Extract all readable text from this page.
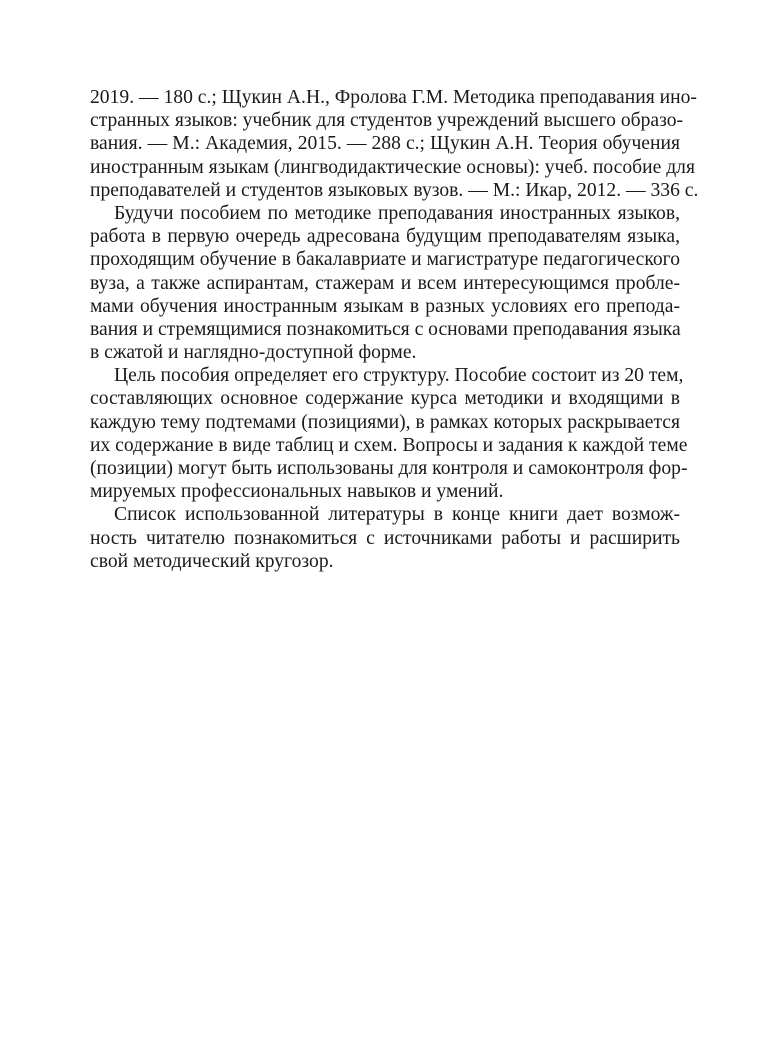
2019. — 180 с.; Щукин А.Н., Фролова Г.М. Методика преподавания ино-
странных языков: учебник для студентов учреждений высшего образо-
вания. — М.: Академия, 2015. — 288 с.; Щукин А.Н. Теория обучения
иностранным языкам (лингводидактические основы): учеб. пособие для
преподавателей и студентов языковых вузов. — М.: Икар, 2012. — 336 с.
Будучи пособием по методике преподавания иностранных языков,
работа в первую очередь адресована будущим преподавателям языка,
проходящим обучение в бакалавриате и магистратуре педагогического
вуза, а также аспирантам, стажерам и всем интересующимся пробле-
мами обучения иностранным языкам в разных условиях его препода-
вания и стремящимися познакомиться с основами преподавания языка
в сжатой и наглядно-доступной форме.
Цель пособия определяет его структуру. Пособие состоит из 20 тем,
составляющих основное содержание курса методики и входящими в
каждую тему подтемами (позициями), в рамках которых раскрывается
их содержание в виде таблиц и схем. Вопросы и задания к каждой теме
(позиции) могут быть использованы для контроля и самоконтроля фор-
мируемых профессиональных навыков и умений.
Список использованной литературы в конце книги дает возмож-
ность читателю познакомиться с источниками работы и расширить
свой методический кругозор.
